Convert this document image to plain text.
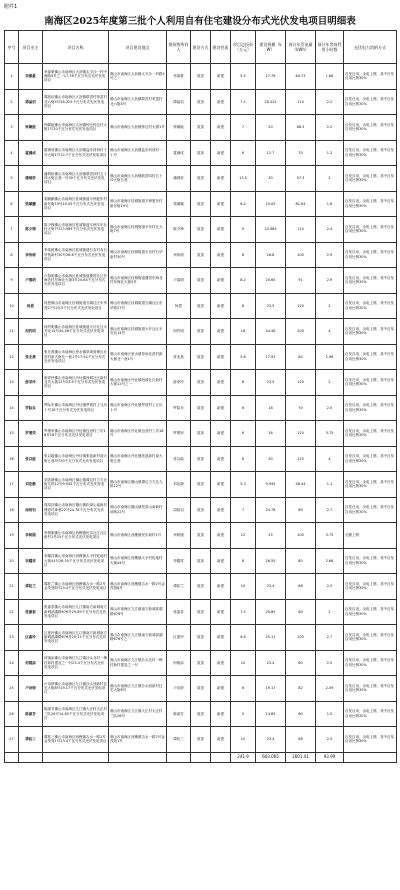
附件1
南海区2025年度第三批个人利用自有住宅建设分布式光伏发电项目明细表
序号	项目业主	项目名称	项目建设地点	建筑物所有人	建设方式	建设性质	项目总投资（万元）	建设规模（kW）	预计年发电量（kWh）	预计年等效利用小时数	光伏电力消纳方式
1	李嘉豪	李嘉豪佛山市南海区大沥镇太平沙一村中海路4号之一17.76千瓦分布式光伏发电项目	佛山市南海区大沥镇太平沙一村路4号之一	李嘉豪	屋顶	新建	5.5	17.76	64.73	1.68	自发自用，余电上网，其中自发自用比例30%
2	谭晶佰	谭晶佰佛山市南海区大沥镇联滘村荣富村北六街4号28.325千瓦分布式光伏发电项目	佛山市南海区大沥镇联滘村荣富村北六街4号	谭晶佰	屋顶	新建	7.1	28.325	110	2.2	自发自用，余电上网，其中自发自用比例30%
3	钟顺能	钟顺能佛山市南海区大沥镇钟边钟边村大街1号20千瓦分布式光伏发电项目	佛山市南海区大沥镇钟边村大街1号	钟顺能	屋顶	新建	7	20	68.3	2.2	自发自用，余电上网，其中自发自用比例30%
4	霍满成	霍满成佛山市南海区大沥镇盐步河西村十号大街1号12.7千瓦分布式光伏发电项目	佛山市南海区大沥镇盐步河西村一十号	霍满成	屋顶	新建	6	12.7	70	1.2	自发自用，余电上网，其中自发自用比例30%
5	潘炳侨	潘炳侨佛山市南海区大沥镇联滘四村五十四大街五巷一号30千瓦分布式光伏发电项目	佛山市南海区大沥镇联滘四村五十四大街五巷	潘炳侨	屋顶	新建	13.5	30	57.3	2	自发自用，余电上网，其中自发自用比例30%
6	梁顺鹏	梁顺鹏佛山市南海区桂城街道平洲夏东村新东街19号19.05千瓦分布式光伏发电项目	佛山市南海区桂城街道平洲夏东村新东街19号	梁顺鹏	屋顶	新建	6.4	19.05	81.64	1.8	自发自用，余电上网，其中自发自用比例30%
7	陈少锋	陈少锋佛山市南海区桂城街道平洲平东北村大街7号23.985千瓦分布式光伏发电项目	佛山市南海区桂城街道平东村北大街7号	陈少锋	屋顶	新建	9	23.985	110	2.4	自发自用，余电上网，其中自发自用比例30%
8	李伟树	李伟树佛山市南海区桂城街道石肯村肯石华苑新村30号26.6千瓦分布式光伏发电项目	佛山市南海区桂城街道石肯村石华新村30号	李伟树	屋顶	新建	8	26.6	100	2.9	自发自用，余电上网，其中自发自用比例30%
9	卢慕明	卢慕明佛山市南海区桂城街道叠滘社区东海北村东海北大街3号20.65千瓦分布式光伏发电项目	佛山市南海区桂城街道叠滘东海北村东海北大街3号	卢慕明	屋顶	新建	8.2	20.65	91	2.9	自发自用，余电上网，其中自发自用比例30%
10	杨恩	杨恩佛山市南海区桂城街道石碣社区东华苑27号23.5千瓦分布式光伏发电项目	佛山市南海区桂城街道石碣社区东华苑27号	杨恩	屋顶	新建	8	23.5	120	2	自发自用，余电上网，其中自发自用比例30%
11	何约明	何约明佛山市南海区桂城街道大圩社区永安北14号44.46千瓦分布式光伏发电项目	佛山市南海区桂城街道大圩社区永安北14号	何约明	屋顶	新建	16	44.46	200	4	自发自用，余电上网，其中自发自用比例30%
12	张北燕	张北燕佛山市南海区里水镇草场管理区北滘村新大街北一巷1号17.92千瓦分布式光伏发电项目	佛山市南海区里水镇草场北滘村新大街北一巷1号	张北燕	屋顶	新建	5.8	17.92	84	2.96	自发自用，余电上网，其中自发自用比例30%
13	游采玲	游采玲佛山市南海区丹灶镇西城社区新村北坊大街12号23.5千瓦分布式光伏发电项目	佛山市南海区丹灶镇西城社区新村大街12号之一	游采玲	屋顶	新建	8	23.5	120	2	自发自用，余电上网，其中自发自用比例30%
14	罗际东	罗际东佛山市南海区丹灶镇罗坡村上元坊十号18千瓦分布式光伏发电项目	佛山市南海区丹灶镇罗坡村上元坊十号	罗际东	屋顶	新建	6	18	70	2.5	自发自用，余电上网，其中自发自用比例30%
15	罗增荣	罗增荣佛山市南海区丹灶镇良登村三坊18号16千瓦分布式光伏发电项目	佛山市南海区丹灶镇良登村三坊18号	罗增荣	屋顶	新建	6	16	120	3.75	自发自用，余电上网，其中自发自用比例30%
16	张以能	张以能佛山市南海区丹灶镇张浪新村南大街五巷3号30千瓦分布式光伏发电项目	佛山市南海区丹灶镇张浪新村南大街五巷	张以能	屋顶	新建	8	30	120	4	自发自用，余电上网，其中自发自用比例30%
17	刘忠静	刘忠静佛山市南海区狮山镇谭边村力方北街九排12号9.945千瓦分布式光伏发电项目	佛山市南海区狮山镇谭边力方北九排12号	刘忠静	屋顶	新建	5.3	9.945	46.44	1.1	自发自用，余电上网，其中自发自用比例30%
18	周绍钊	周绍钊佛山市南海区狮山镇松岗山南新村博爱村神巷22号24.78千瓦分布式光伏发电项目	佛山市南海区狮山镇松岗山南新村神巷22号	周绍钊	屋顶	新建	7	24.78	89	2.7	自发自用，余电上网，其中自发自用比例30%
19	李树刚	李树刚佛山市南海区西樵镇民乐社区社区新村1号25千瓦分布式光伏发电项目	佛山市南海区西樵镇民乐新村1号	李树刚	屋顶	新建	12	25	100	3.75	全额上网
20	李耀祥	李耀祥佛山市南海区西樵镇太平村蛇地村大街44号26.55千瓦分布式光伏发电项目	佛山市南海区西樵镇太平村蛇地村大街44号	李耀祥	屋顶	新建	8	26.55	80	2.66	自发自用，余电上网，其中自发自用比例30%
21	谭桂兰	谭桂兰佛山市南海区西樵镇吉水一路2号金茂苑8号23.4千瓦分布式光伏发电项目	佛山市南海区西樵镇吉水一路2号金茂苑8号	谭桂兰	屋顶	新建	10	23.4	68	2.5	自发自用，余电上网，其中自发自用比例30%
22	张嘉泰	张嘉泰佛山市南海区九江镇南方新城南方新城滨湖路676号29.89千瓦分布式光伏发电项目	佛山市南海区九江镇南方新城滨湖路676号	张嘉泰	屋顶	新建	7.5	29.89	80	2	自发自用，余电上网，其中自发自用比例30%
23	区惠玲	区惠玲佛山市南海区九江镇南方新城南方新城滨湖路676号25.11千瓦分布式光伏发电项目	佛山市南海区九江镇南方新城滨湖路676号之一	区惠玲	屋顶	新建	6.6	25.11	100	2.7	自发自用，余电上网，其中自发自用比例30%
24	何镜添	何镜添佛山市南海区九江镇沙头北村一梅村新村建造之一号23.4千瓦分布式光伏发电项目	佛山市南海区九江镇沙头北村一梅村新村建造之一号	何镜添	屋顶	新建	10	23.4	60	2.5	自发自用，余电上网，其中自发自用比例30%
25	卢诗婷	卢诗婷佛山市南海区九江镇沙头西新村住宅大街8号19.17千瓦分布式光伏发电项目	佛山市南海区九江镇沙头西新村住宅大街8号	卢诗婷	屋顶	新建	6	19.17	82	2.09	自发自用，余电上网，其中自发自用比例30%
26	陈淑芳	陈淑芳佛山市南海区九江镇大正村大正村三队26号14.85千瓦分布式光伏发电项目	佛山市南海区九江镇大正村大正村三队26号	陈淑芳	屋顶	新建	5	14.85	80	1.5	自发自用，余电上网，其中自发自用比例30%
27	谭桂三	谭桂三佛山市南海区西樵镇吉水一路2号金茂苑1号23.4千瓦分布式光伏发电项目	佛山市南海区西樵镇吉水一路2号金茂苑1号	谭桂三	屋顶	新建	10	23.4	68	2.5	自发自用，余电上网，其中自发自用比例30%
							241.9	603.065	2601.41	93.99	
